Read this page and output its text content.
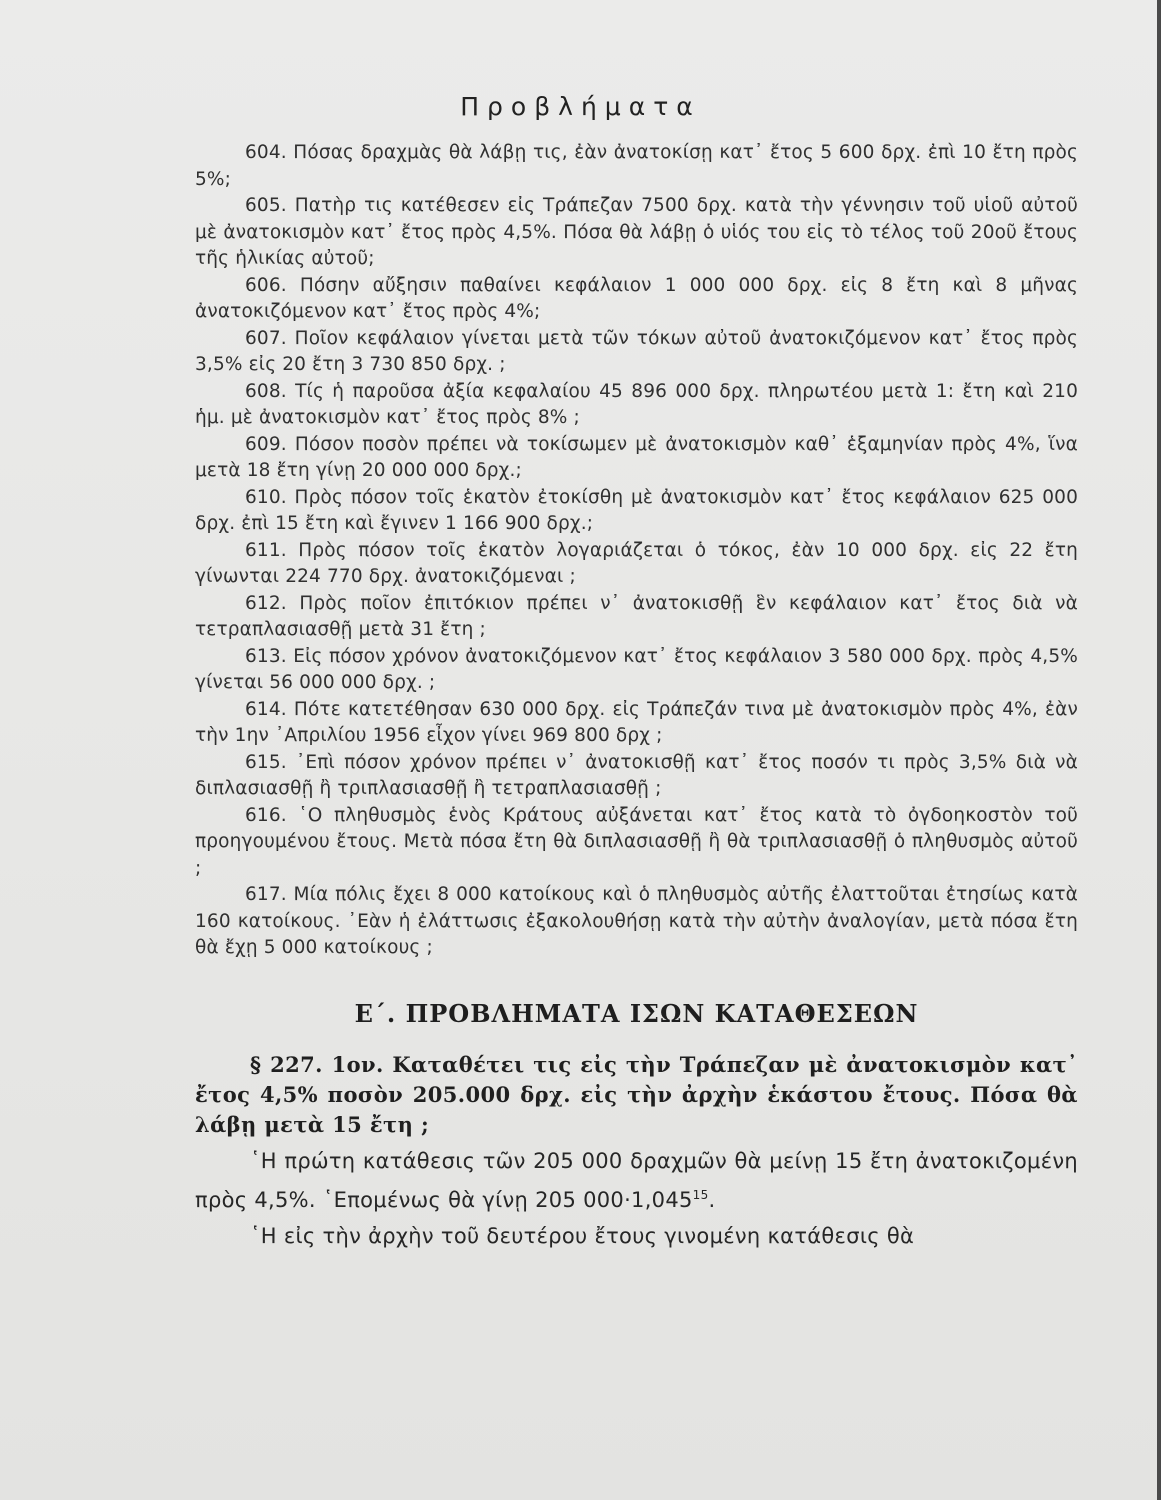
Προβλήματα

604. Πόσας δραχμὰς θὰ λάβῃ τις, ἐὰν ἀνατοκίσῃ κατ᾽ ἔτος 5 600 δρχ. ἐπὶ 10 ἔτη πρὸς 5%;

605. Πατὴρ τις κατέθεσεν εἰς Τράπεζαν 7500 δρχ. κατὰ τὴν γέννησιν τοῦ υἱοῦ αὐτοῦ μὲ ἀνατοκισμὸν κατ᾽ ἔτος πρὸς 4,5%. Πόσα θὰ λάβῃ ὁ υἱός του εἰς τὸ τέλος τοῦ 20οῦ ἔτους τῆς ἡλικίας αὐτοῦ;

606. Πόσην αὔξησιν παθαίνει κεφάλαιον 1 000 000 δρχ. εἰς 8 ἔτη καὶ 8 μῆνας ἀνατοκιζόμενον κατ᾽ ἔτος πρὸς 4%;

607. Ποῖον κεφάλαιον γίνεται μετὰ τῶν τόκων αὐτοῦ ἀνατοκιζόμενον κατ᾽ ἔτος πρὸς 3,5% εἰς 20 ἔτη 3 730 850 δρχ. ;

608. Τίς ἡ παροῦσα ἀξία κεφαλαίου 45 896 000 δρχ. πληρωτέου μετὰ 1: ἔτη καὶ 210 ἡμ. μὲ ἀνατοκισμὸν κατ᾽ ἔτος πρὸς 8% ;

609. Πόσον ποσὸν πρέπει νὰ τοκίσωμεν μὲ ἀνατοκισμὸν καθ᾽ ἑξαμηνίαν πρὸς 4%, ἵνα μετὰ 18 ἔτη γίνῃ 20 000 000 δρχ.;

610. Πρὸς πόσον τοῖς ἑκατὸν ἐτοκίσθη μὲ ἀνατοκισμὸν κατ᾽ ἔτος κεφάλαιον 625 000 δρχ. ἐπὶ 15 ἔτη καὶ ἔγινεν 1 166 900 δρχ.;

611. Πρὸς πόσον τοῖς ἑκατὸν λογαριάζεται ὁ τόκος, ἐὰν 10 000 δρχ. εἰς 22 ἔτη γίνωνται 224 770 δρχ. ἀνατοκιζόμεναι ;

612. Πρὸς ποῖον ἐπιτόκιον πρέπει ν᾽ ἀνατοκισθῇ ἓν κεφάλαιον κατ᾽ ἔτος διὰ νὰ τετραπλασιασθῇ μετὰ 31 ἔτη ;

613. Εἰς πόσον χρόνον ἀνατοκιζόμενον κατ᾽ ἔτος κεφάλαιον 3 580 000 δρχ. πρὸς 4,5% γίνεται 56 000 000 δρχ. ;

614. Πότε κατετέθησαν 630 000 δρχ. εἰς Τράπεζάν τινα μὲ ἀνατοκισμὸν πρὸς 4%, ἐὰν τὴν 1ην ᾽Απριλίου 1956 εἶχον γίνει 969 800 δρχ ;

615. ᾽Επὶ πόσον χρόνον πρέπει ν᾽ ἀνατοκισθῇ κατ᾽ ἔτος ποσόν τι πρὸς 3,5% διὰ νὰ διπλασιασθῇ ἢ τριπλασιασθῇ ἢ τετραπλασιασθῇ ;

616. ῾Ο πληθυσμὸς ἑνὸς Κράτους αὐξάνεται κατ᾽ ἔτος κατὰ τὸ ὀγδοηκοστὸν τοῦ προηγουμένου ἔτους. Μετὰ πόσα ἔτη θὰ διπλασιασθῇ ἢ θὰ τριπλασιασθῇ ὁ πληθυσμὸς αὐτοῦ ;

617. Μία πόλις ἔχει 8 000 κατοίκους καὶ ὁ πληθυσμὸς αὐτῆς ἐλαττοῦται ἐτησίως κατὰ 160 κατοίκους. ᾽Εὰν ἡ ἐλάττωσις ἐξακολουθήσῃ κατὰ τὴν αὐτὴν ἀναλογίαν, μετὰ πόσα ἔτη θὰ ἔχῃ 5 000 κατοίκους ;

Ε΄. ΠΡΟΒΛΗΜΑΤΑ ΙΣΩΝ ΚΑΤΑΘΕΣΕΩΝ

§ 227. 1ον. Καταθέτει τις εἰς τὴν Τράπεζαν μὲ ἀνατοκισμὸν κατ᾽ ἔτος 4,5% ποσὸν 205.000 δρχ. εἰς τὴν ἀρχὴν ἑκάστου ἔτους. Πόσα θὰ λάβῃ μετὰ 15 ἔτη ;

῾Η πρώτη κατάθεσις τῶν 205 000 δραχμῶν θὰ μείνῃ 15 ἔτη ἀνατοκιζομένη πρὸς 4,5%. ῾Επομένως θὰ γίνῃ 205 $000\cdot 1,045^{15}$.

῾Η εἰς τὴν ἀρχὴν τοῦ δευτέρου ἔτους γινομένη κατάθεσις θὰ
